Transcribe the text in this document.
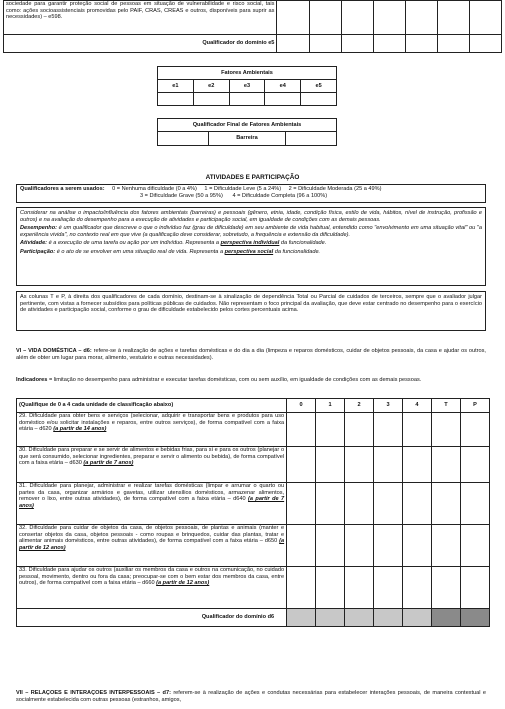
sociedade para garantir proteção social de pessoas em situação de vulnerabilidade e risco social, tais como: ações socioassistenciais promovidas pelo PAIF, CRAS, CREAS e outros, disponíveis para suprir as necessidades) – e598.							
Qualificador do domínio e5							
Fatores Ambientais				
e1	e2	e3	e4	e5

Qualificador Final de Fatores Ambientais
	Barreira	
ATIVIDADES E PARTICIPAÇÃO
Qualificadores a serem usados: 0 = Nenhuma dificuldade (0 a 4%) 1 = Dificuldade Leve (5 a 24%) 2 = Dificuldade Moderada (25 a 49%)
3 = Dificuldade Grave (50 a 95%) 4 = Dificuldade Completa (96 a 100%)
Considerar na análise o impacto/influência dos fatores ambientais (barreiras) e pessoais (gênero, etnia, idade, condição física, estilo de vida, hábitos, nível de instrução, profissão e outros) e na avaliação do desempenho para a execução de atividades e participação social, em igualdade de condições com as demais pessoas.
Desempenho: é um qualificador que descreve o que o indivíduo faz (grau de dificuldade) em seu ambiente de vida habitual, entendido como "envolvimento em uma situação vital" ou "a experiência vivida", no contexto real em que vive (a qualificação deve considerar, sobretudo, a frequência e extensão da dificuldade).
Atividade: é a execução de uma tarefa ou ação por um indivíduo. Representa a perspectiva individual da funcionalidade.
Participação: é o ato de se envolver em uma situação real de vida. Representa a perspectiva social da funcionalidade.
As colunas T e P, à direita dos qualificadores de cada domínio, destinam-se à sinalização de dependência Total ou Parcial de cuidados de terceiros, sempre que o avaliador julgar pertinente, com vistas a fornecer subsídios para políticas públicas de cuidados. Não representam o foco principal da avaliação, que deve estar centrado no desempenho para o exercício de atividades e participação social, conforme o grau de dificuldade estabelecido pelos cortes percentuais acima.
VI – VIDA DOMÉSTICA – d6: refere-se à realização de ações e tarefas domésticas e do dia a dia (limpeza e reparos domésticos, cuidar de objetos pessoais, da casa e ajudar os outros, além de obter um lugar para morar, alimento, vestuário e outras necessidades).
Indicadores = limitação no desempenho para administrar e executar tarefas domésticas, com ou sem auxílio, em igualdade de condições com as demais pessoas.
(Qualifique de 0 a 4 cada unidade de classificação abaixo)	0	1	2	3	4	T	P
29. Dificuldade para obter bens e serviços (selecionar, adquirir e transportar bens e produtos para uso doméstico e/ou solicitar instalações e reparos, entre outros serviços), de forma compatível com a faixa etária – d620 (a partir de 14 anos)							
30. Dificuldade para preparar e se servir de alimentos e bebidas frias, para si e para os outros (planejar o que será consumido, selecionar ingredientes, preparar e servir o alimento ou bebida), de forma compatível com a faixa etária – d630 (a partir de 7 anos)							
31. Dificuldade para planejar, administrar e realizar tarefas domésticas (limpar e arrumar o quarto ou partes da casa, organizar armários e gavetas, utilizar utensílios domésticos, armazenar alimentos, remover o lixo, entre outras atividades), de forma compatível com a faixa etária – d640 (a partir de 7 anos)							
32. Dificuldade para cuidar de objetos da casa, de objetos pessoais, de plantas e animais (manter e consertar objetos da casa, objetos pessoais - como roupas e brinquedos, cuidar das plantas, tratar e alimentar animais domésticos, entre outras atividades), de forma compatível com a faixa etária – d650 (a partir de 12 anos)							
33. Dificuldade para ajudar os outros (auxiliar os membros da casa e outros na comunicação, no cuidado pessoal, movimento, dentro ou fora da casa; preocupar-se com o bem estar dos membros da casa, entre outros), de forma compatível com a faixa etária – d660 (a partir de 12 anos)							
Qualificador do domínio d6							
VII – RELAÇÕES E INTERAÇÕES INTERPESSOAIS – d7: referem-se à realização de ações e condutas necessárias para estabelecer interações pessoais, de maneira contextual e socialmente estabelecida com outras pessoas (estranhos, amigos,
